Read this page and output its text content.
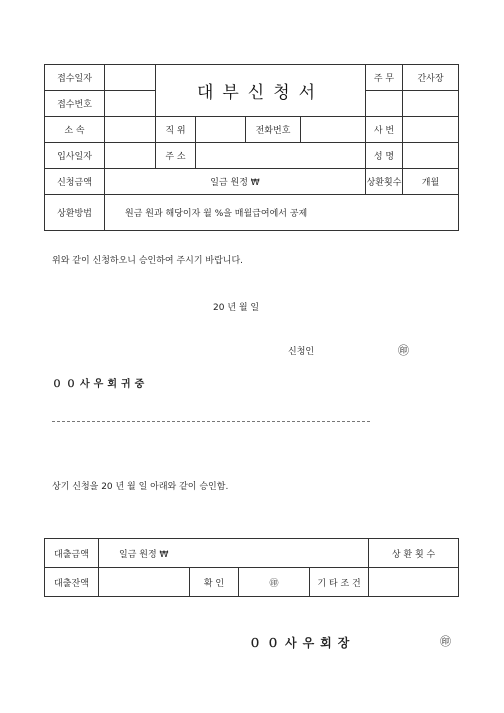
접수일자		대부신청서				주 무	간사장
접수번호							
소 속		직 위		전화번호		사 번	
입사일자		주 소				성 명	
신청금액	일금 원정 ₩					상환횟수	개월
상환방법	원금 원과 해당이자 월 %을 매월급여에서 공제						
위와 같이 신청하오니 승인하여 주시기 바랍니다.
20 년 월 일
신청인	㊞
００사우회귀중
상기 신청을 20 년 월 일 아래와 같이 승인함.
대출금액	일금 원정 ₩				상 환 횟 수	
대출잔액		확 인	㊞	기 타 조 건		
００사우회장	㊞
